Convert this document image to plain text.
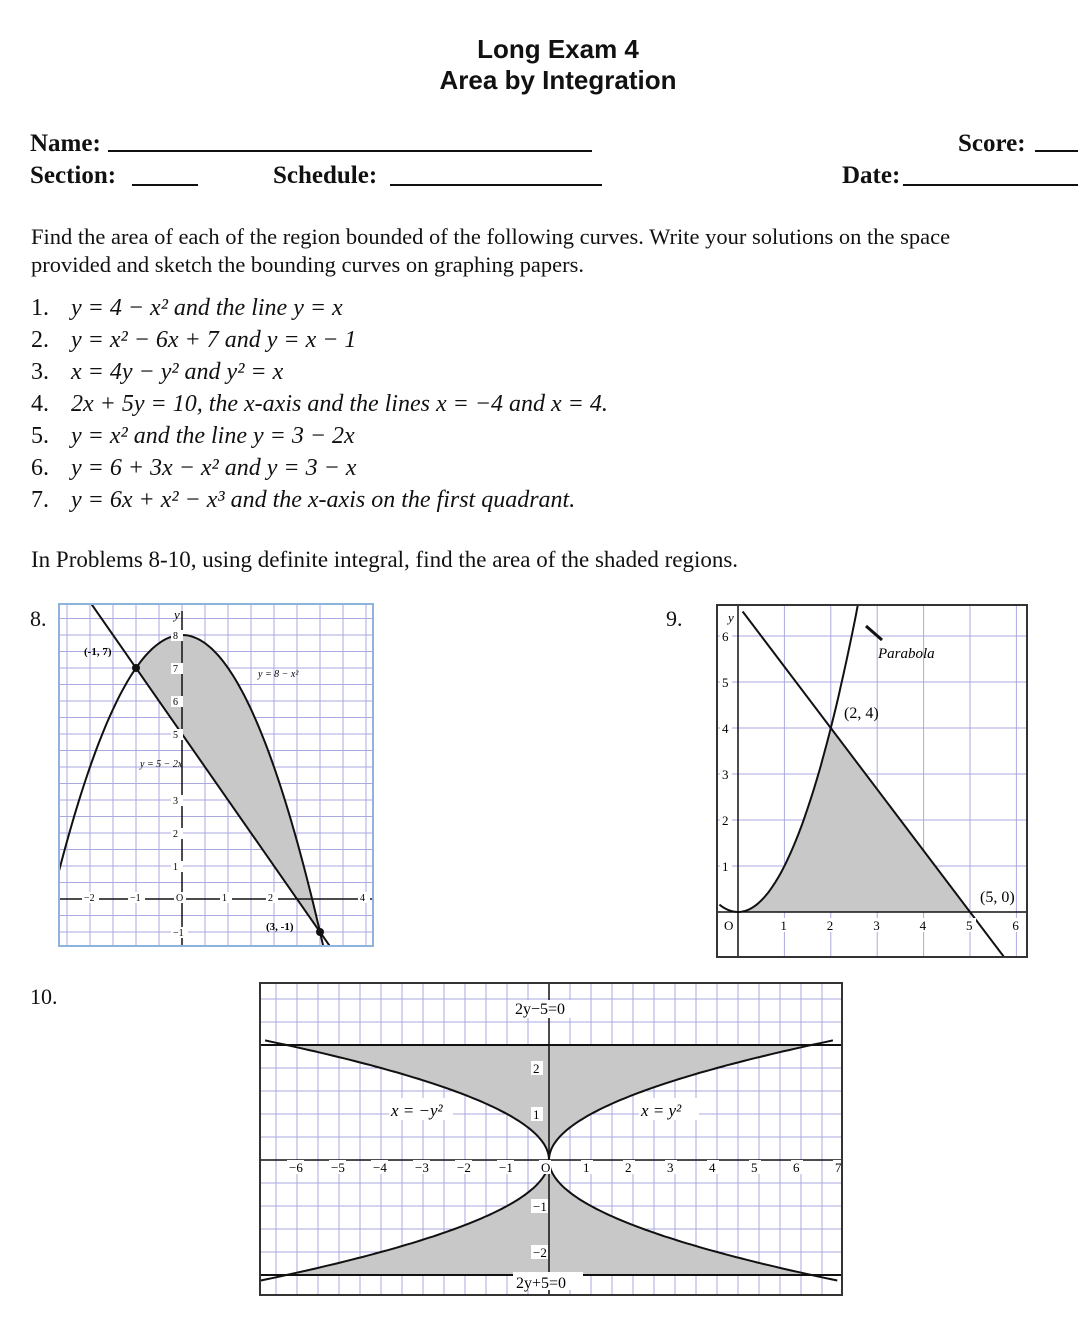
Long Exam 4
Area by Integration
Name:	Score:
Section:	Schedule:	Date:
Find the area of each of the region bounded of the following curves. Write your solutions on the space
provided and sketch the bounding curves on graphing papers.
1. y = 4 − x² and the line y = x
2. y = x² − 6x + 7 and y = x − 1
3. x = 4y − y² and y² = x
4. 2x + 5y = 10, the x-axis and the lines x = −4 and x = 4.
5. y = x² and the line y = 3 − 2x
6. y = 6 + 3x − x² and y = 3 − x
7. y = 6x + x² − x³ and the x-axis on the first quadrant.
In Problems 8-10, using definite integral, find the area of the shaded regions.
8.	9.
10.
−2	−1	O	1	2	4
8
7
6
5
3
2
1
−1
y
(-1, 7)
(3, -1)
y = 8 − x²
y = 5 − 2x
O	1	2	3	4	5	6
6
5
4
3
2
1
y
Parabola
(2, 4)
(5, 0)
−6 −5 −4 −3 −2 −1 O	1	2	3	4	5	6	7
2
1
−1
−2
2y−5=0
2y+5=0
x = −y²	x = y²
